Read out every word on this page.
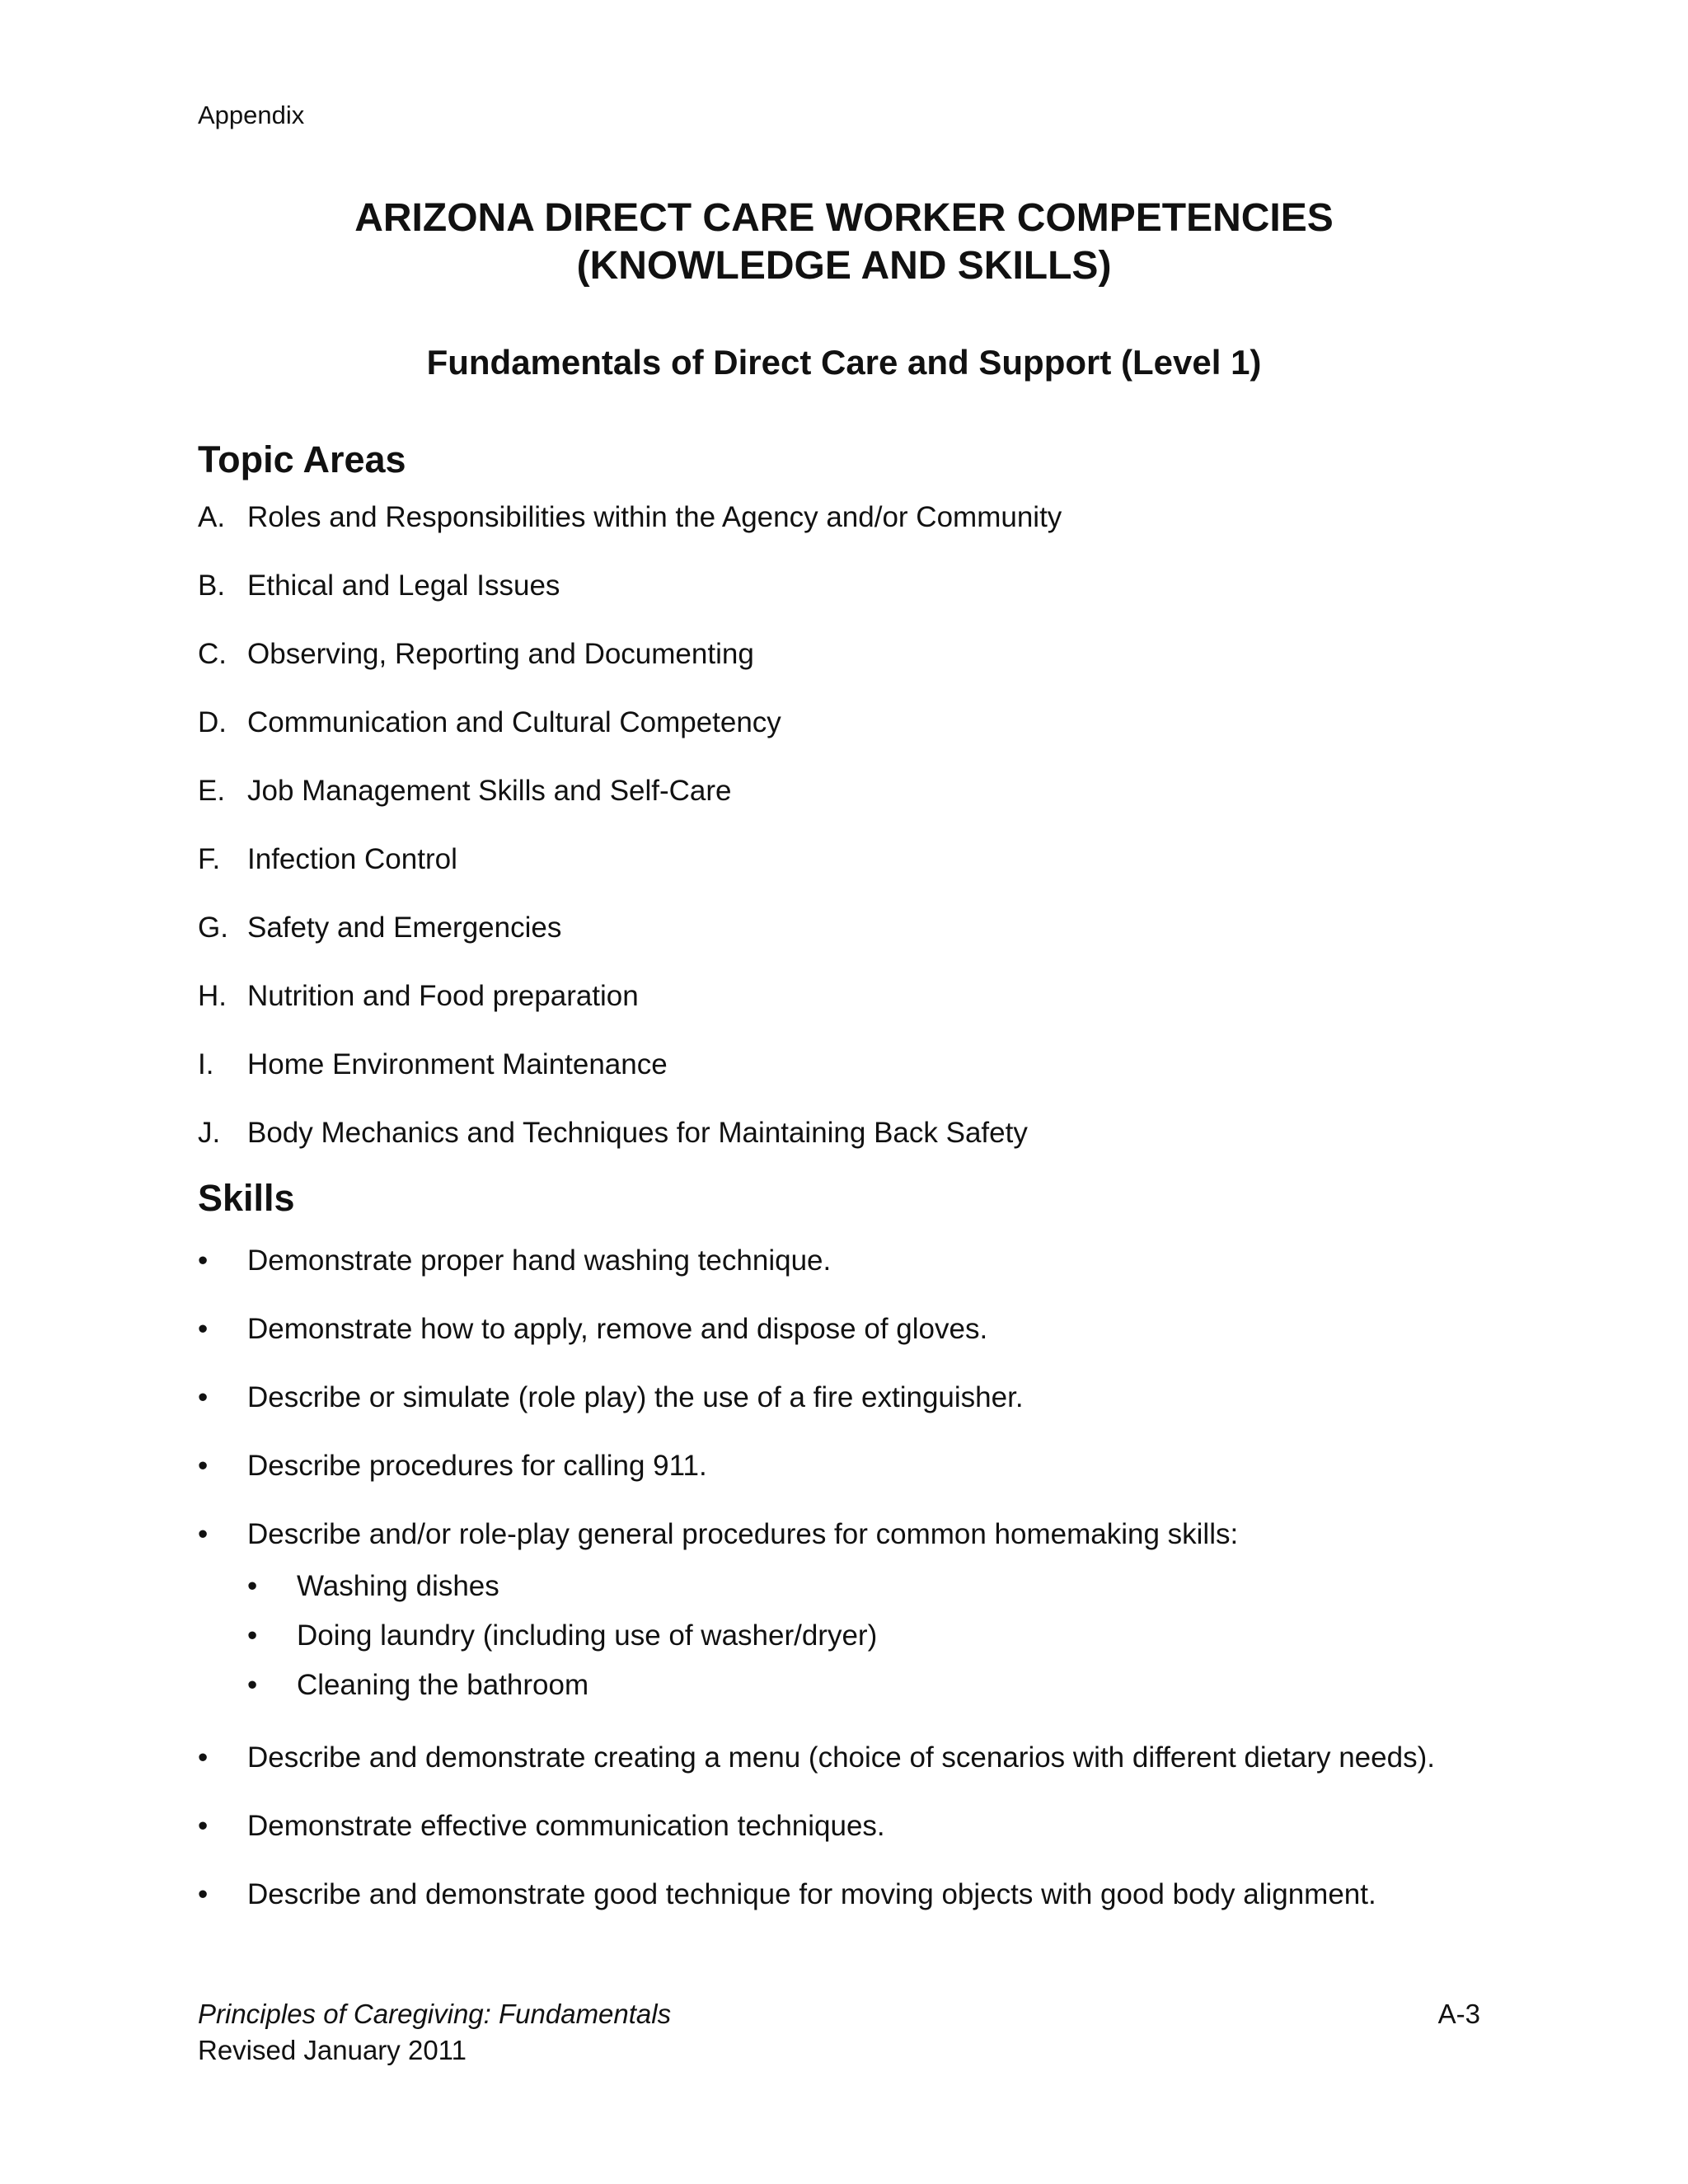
Appendix
ARIZONA DIRECT CARE WORKER COMPETENCIES
(KNOWLEDGE AND SKILLS)
Fundamentals of Direct Care and Support (Level 1)
Topic Areas
A. Roles and Responsibilities within the Agency and/or Community
B. Ethical and Legal Issues
C. Observing, Reporting and Documenting
D. Communication and Cultural Competency
E. Job Management Skills and Self-Care
F. Infection Control
G. Safety and Emergencies
H. Nutrition and Food preparation
I.	Home Environment Maintenance
J. Body Mechanics and Techniques for Maintaining Back Safety
Skills
•	Demonstrate proper hand washing technique.
•	Demonstrate how to apply, remove and dispose of gloves.
•	Describe or simulate (role play) the use of a fire extinguisher.
•	Describe procedures for calling 911.
•	Describe and/or role-play general procedures for common homemaking skills:
•	Washing dishes
•	Doing laundry (including use of washer/dryer)
•	Cleaning the bathroom
•	Describe and demonstrate creating a menu (choice of scenarios with different dietary needs).
•	Demonstrate effective communication techniques.
•	Describe and demonstrate good technique for moving objects with good body alignment.
Principles of Caregiving: Fundamentals
Revised January 2011
A-3
